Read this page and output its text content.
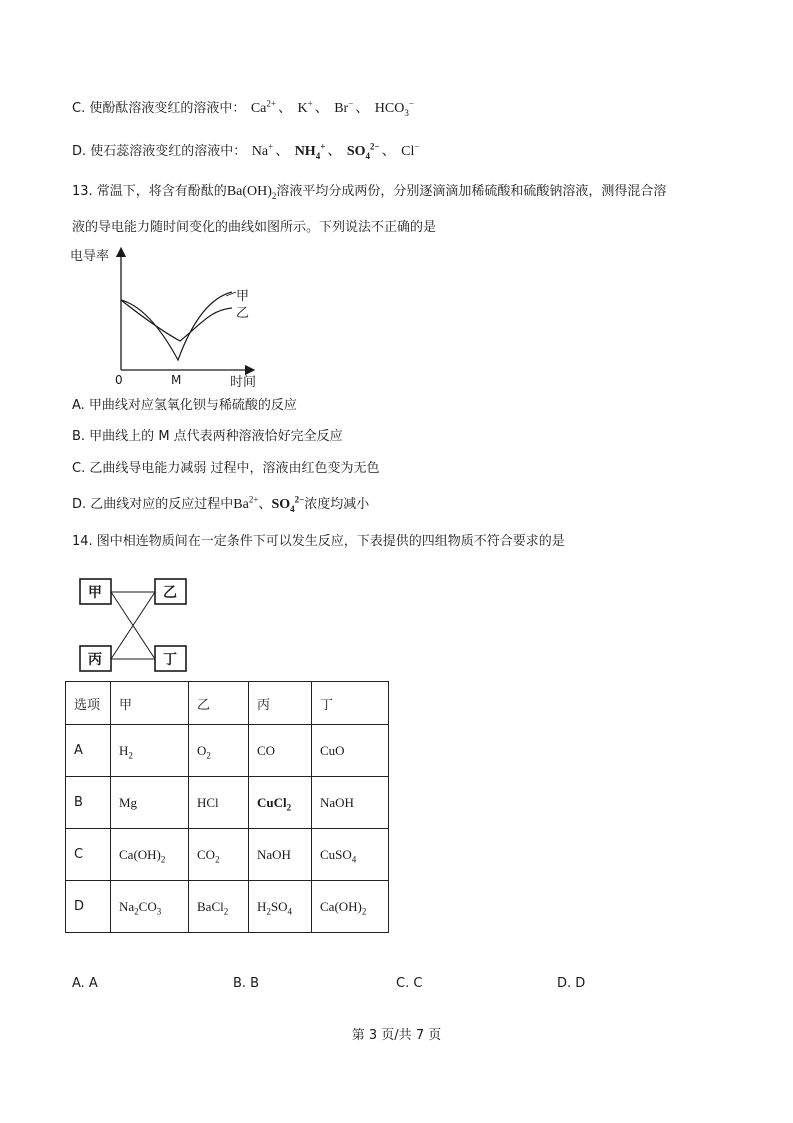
C. 使酚酞溶液变红的溶液中： $Ca^{2+}$ 、 K+ 、 Br− 、 $HCO_3^-$
D. 使石蕊溶液变红的溶液中： Na+ 、 $NH_4^+$ 、 $SO_4^{2-}$ 、 Cl−
13. 常温下，将含有酚酞的$Ba(OH)_2$溶液平均分成两份，分别逐滴滴加稀硫酸和硫酸钠溶液，测得混合溶
液的导电能力随时间变化的曲线如图所示。下列说法不正确的是
电导率
甲
乙
0	M	时间
A. 甲曲线对应氢氧化钡与稀硫酸的反应
B. 甲曲线上的 M 点代表两种溶液恰好完全反应
C. 乙曲线导电能力减弱 过程中，溶液由红色变为无色
D. 乙曲线对应的反应过程中$Ba^{2+}$、$SO_4^{2-}$浓度均减小
14. 图中相连物质间在一定条件下可以发生反应，下表提供的四组物质不符合要求的是
甲	乙
丙	丁
选项	甲	乙	丙	丁
A	$H_2$	$O_2$	CO	CuO
B	Mg	HCl	CuCl$_2$	NaOH
C	$Ca(OH)_2$	$CO_2$	NaOH	CuSO$_4$
D	$Na_2CO_3$	BaCl$_2$	$H_2SO_4$	$Ca(OH)_2$
A. A	B. B	C. C	D. D
第 3 页/共 7 页
